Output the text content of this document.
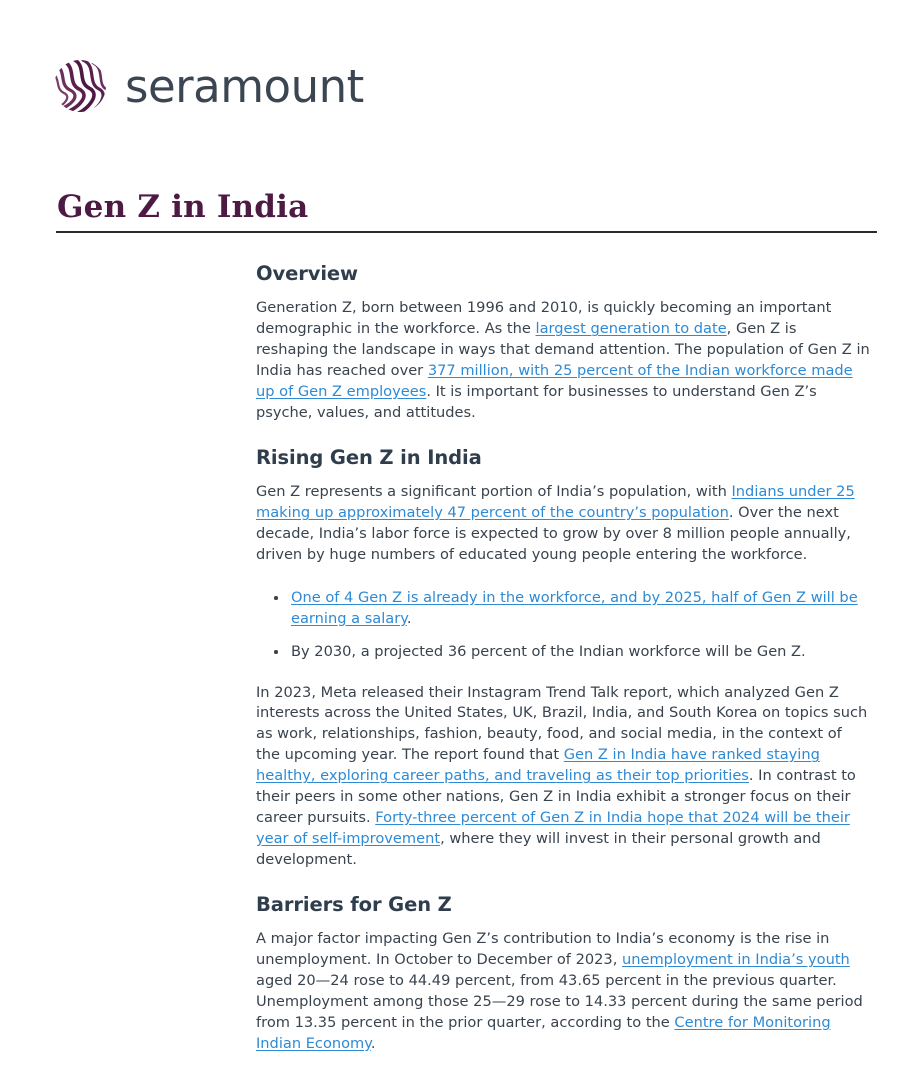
seramount
Gen Z in India
Overview

Generation Z, born between 1996 and 2010, is quickly becoming an important demographic in the workforce. As the largest generation to date, Gen Z is reshaping the landscape in ways that demand attention. The population of Gen Z in India has reached over 377 million, with 25 percent of the Indian workforce made up of Gen Z employees. It is important for businesses to understand Gen Z’s psyche, values, and attitudes.

Rising Gen Z in India

Gen Z represents a significant portion of India’s population, with Indians under 25 making up approximately 47 percent of the country’s population. Over the next decade, India’s labor force is expected to grow by over 8 million people annually, driven by huge numbers of educated young people entering the workforce.

One of 4 Gen Z is already in the workforce, and by 2025, half of Gen Z will be earning a salary.
By 2030, a projected 36 percent of the Indian workforce will be Gen Z.

In 2023, Meta released their Instagram Trend Talk report, which analyzed Gen Z interests across the United States, UK, Brazil, India, and South Korea on topics such as work, relationships, fashion, beauty, food, and social media, in the context of the upcoming year. The report found that Gen Z in India have ranked staying healthy, exploring career paths, and traveling as their top priorities. In contrast to their peers in some other nations, Gen Z in India exhibit a stronger focus on their career pursuits. Forty-three percent of Gen Z in India hope that 2024 will be their year of self-improvement, where they will invest in their personal growth and development.

Barriers for Gen Z

A major factor impacting Gen Z’s contribution to India’s economy is the rise in unemployment. In October to December of 2023, unemployment in India’s youth aged 20—24 rose to 44.49 percent, from 43.65 percent in the previous quarter. Unemployment among those 25—29 rose to 14.33 percent during the same period from 13.35 percent in the prior quarter, according to the Centre for Monitoring Indian Economy.
